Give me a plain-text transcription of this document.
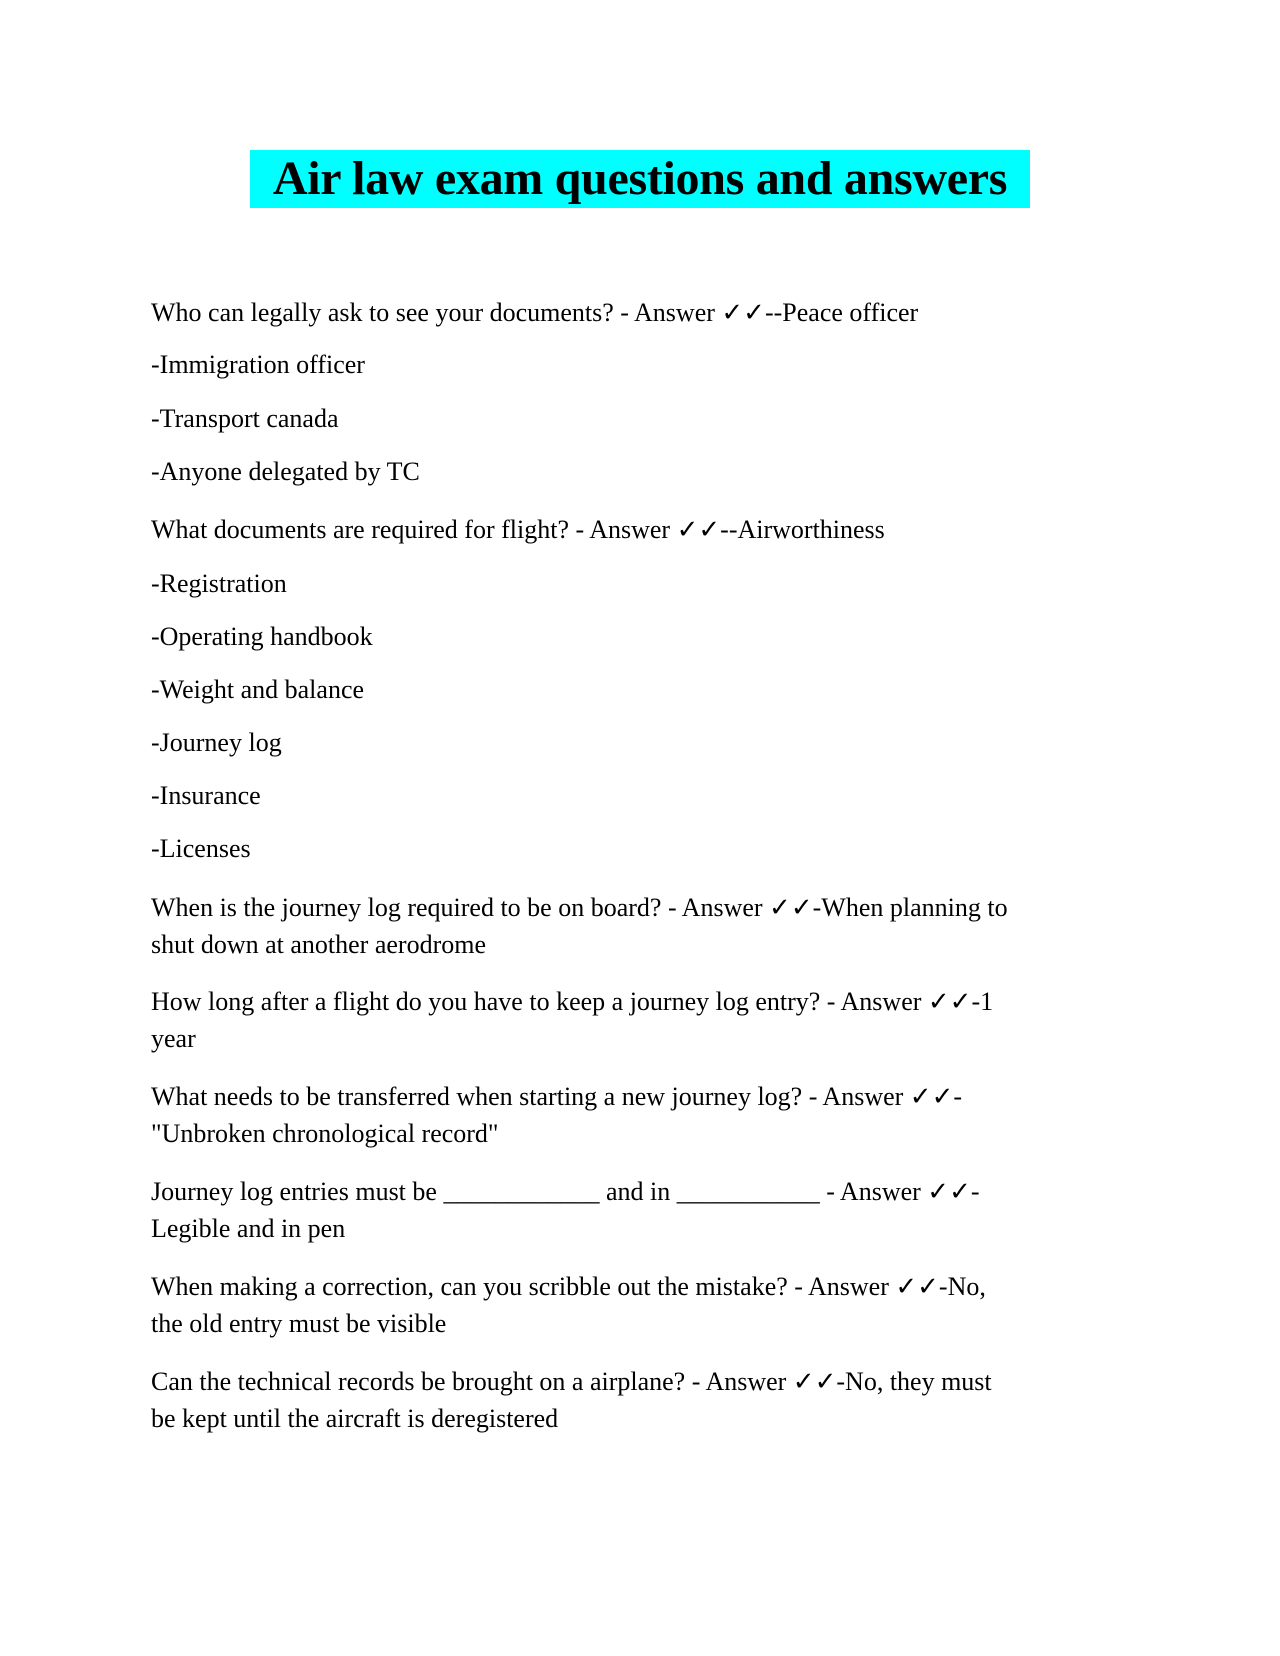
Air law exam questions and answers
Who can legally ask to see your documents? - Answer ✓✓--Peace officer
-Immigration officer
-Transport canada
-Anyone delegated by TC
What documents are required for flight? - Answer ✓✓--Airworthiness
-Registration
-Operating handbook
-Weight and balance
-Journey log
-Insurance
-Licenses
When is the journey log required to be on board? - Answer ✓✓-When planning to
shut down at another aerodrome
How long after a flight do you have to keep a journey log entry? - Answer ✓✓-1
year
What needs to be transferred when starting a new journey log? - Answer ✓✓-
"Unbroken chronological record"
Journey log entries must be ____________ and in ___________ - Answer ✓✓-
Legible and in pen
When making a correction, can you scribble out the mistake? - Answer ✓✓-No,
the old entry must be visible
Can the technical records be brought on a airplane? - Answer ✓✓-No, they must
be kept until the aircraft is deregistered
